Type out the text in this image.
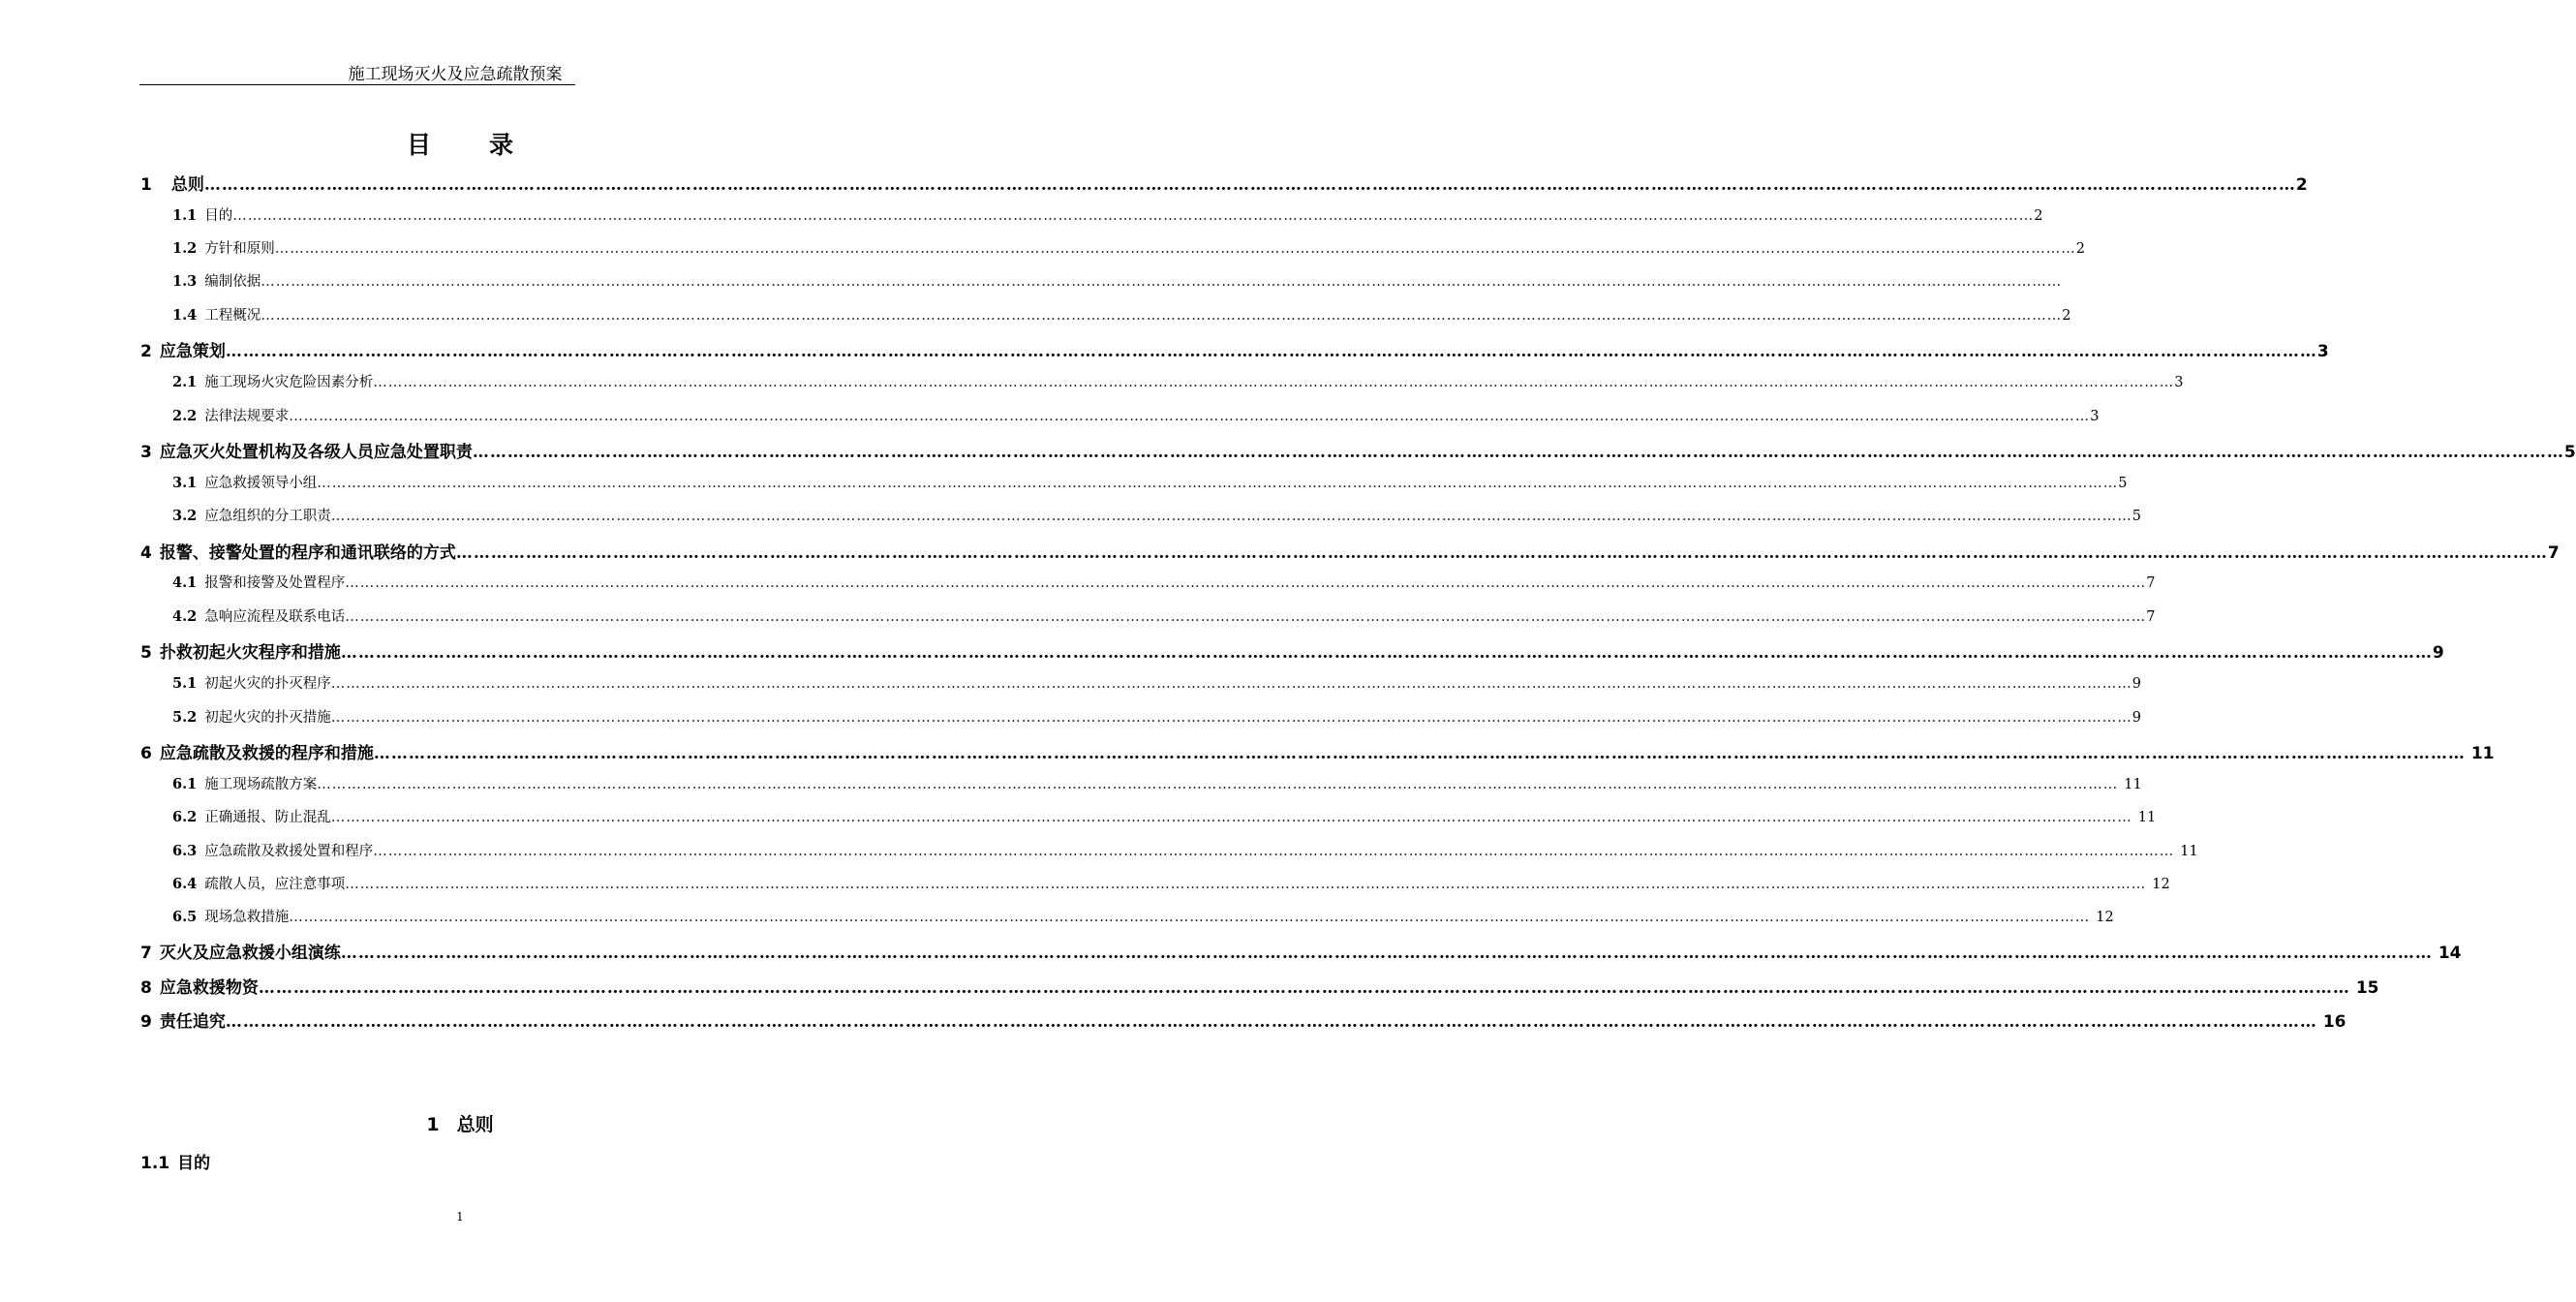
施工现场灭火及应急疏散预案
目录
1 总则 ……………………………………………………………………………………………………………………………………………………………………………………………………………………………………………………………………………………………………………………………… 2
1.1 目的 ……………………………………………………………………………………………………………………………………………………………………………………………………………………………………………………………………………………………………………………………… 2
1.2 方针和原则 ……………………………………………………………………………………………………………………………………………………………………………………………………………………………………………………………………………………………………………………………… 2
1.3 编制依据 ………………………………………………………………………………………………………………………………………………………………………………………………………………………………………………………………………………………………………………………………
1.4 工程概况 ……………………………………………………………………………………………………………………………………………………………………………………………………………………………………………………………………………………………………………………………… 2
2 应急策划 ……………………………………………………………………………………………………………………………………………………………………………………………………………………………………………………………………………………………………………………………… 3
2.1 施工现场火灾危险因素分析 ……………………………………………………………………………………………………………………………………………………………………………………………………………………………………………………………………………………………………………………………… 3
2.2 法律法规要求 ……………………………………………………………………………………………………………………………………………………………………………………………………………………………………………………………………………………………………………………………… 3
3 应急灭火处置机构及各级人员应急处置职责 ……………………………………………………………………………………………………………………………………………………………………………………………………………………………………………………………………………………………………………………………… 5
3.1 应急救援领导小组 ……………………………………………………………………………………………………………………………………………………………………………………………………………………………………………………………………………………………………………………………… 5
3.2 应急组织的分工职责 ……………………………………………………………………………………………………………………………………………………………………………………………………………………………………………………………………………………………………………………………… 5
4 报警、接警处置的程序和通讯联络的方式 ……………………………………………………………………………………………………………………………………………………………………………………………………………………………………………………………………………………………………………………………… 7
4.1 报警和接警及处置程序 ……………………………………………………………………………………………………………………………………………………………………………………………………………………………………………………………………………………………………………………………… 7
4.2 急响应流程及联系电话 ……………………………………………………………………………………………………………………………………………………………………………………………………………………………………………………………………………………………………………………………… 7
5 扑救初起火灾程序和措施 ……………………………………………………………………………………………………………………………………………………………………………………………………………………………………………………………………………………………………………………………… 9
5.1 初起火灾的扑灭程序 ……………………………………………………………………………………………………………………………………………………………………………………………………………………………………………………………………………………………………………………………… 9
5.2 初起火灾的扑灭措施 ……………………………………………………………………………………………………………………………………………………………………………………………………………………………………………………………………………………………………………………………… 9
6 应急疏散及救援的程序和措施 ……………………………………………………………………………………………………………………………………………………………………………………………………………………………………………………………………………………………………………………………… 11
6.1 施工现场疏散方案 ……………………………………………………………………………………………………………………………………………………………………………………………………………………………………………………………………………………………………………………………… 11
6.2 正确通报、防止混乱 ……………………………………………………………………………………………………………………………………………………………………………………………………………………………………………………………………………………………………………………………… 11
6.3 应急疏散及救援处置和程序 ……………………………………………………………………………………………………………………………………………………………………………………………………………………………………………………………………………………………………………………………… 11
6.4 疏散人员，应注意事项 ……………………………………………………………………………………………………………………………………………………………………………………………………………………………………………………………………………………………………………………………… 12
6.5 现场急救措施 ……………………………………………………………………………………………………………………………………………………………………………………………………………………………………………………………………………………………………………………………… 12
7 灭火及应急救援小组演练 ……………………………………………………………………………………………………………………………………………………………………………………………………………………………………………………………………………………………………………………………… 14
8 应急救援物资 ……………………………………………………………………………………………………………………………………………………………………………………………………………………………………………………………………………………………………………………………… 15
9 责任追究 ……………………………………………………………………………………………………………………………………………………………………………………………………………………………………………………………………………………………………………………………… 16
1 总则
1.1 目的
1
